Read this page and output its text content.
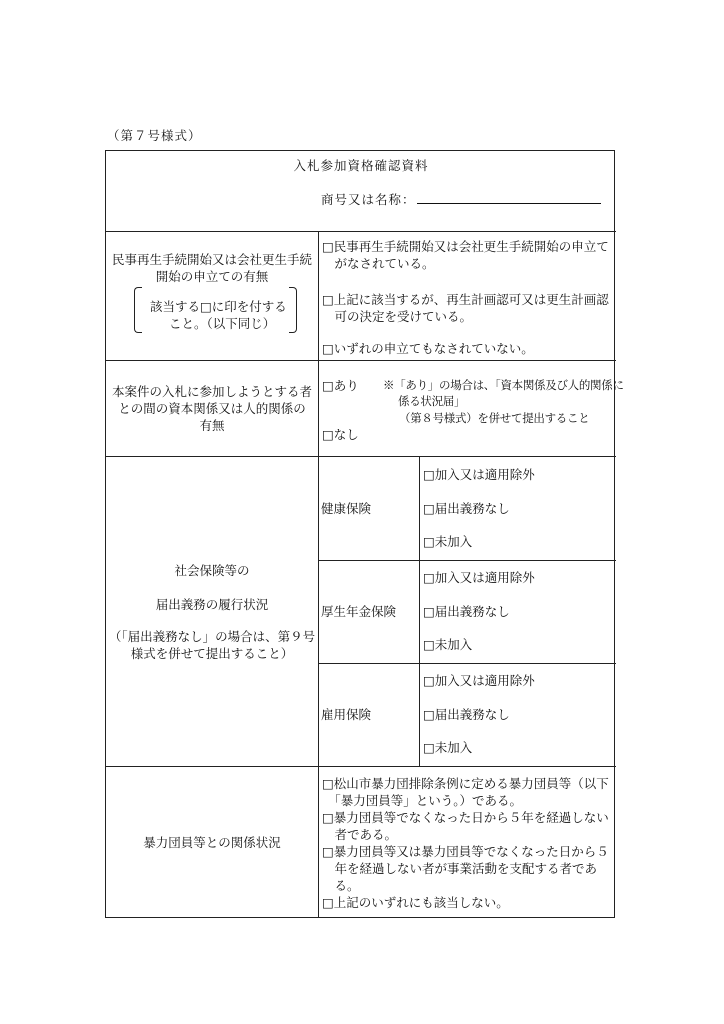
（第７号様式）
入札参加資格確認資料
商号又は名称：
民事再生手続開始又は会社更生手続
開始の申立ての有無
該当する□に印を付する
こと。（以下同じ）
□民事再生手続開始又は会社更生手続開始の申立て
　がなされている。
□上記に該当するが、再生計画認可又は更生計画認
　可の決定を受けている。
□いずれの申立てもなされていない。
本案件の入札に参加しようとする者
との間の資本関係又は人的関係の
有無
□あり ※「あり」の場合は、「資本関係及び人的関係に
係る状況届」
（第８号様式）を併せて提出すること
□なし
社会保険等の
届出義務の履行状況
（「届出義務なし」の場合は、第９号
様式を併せて提出すること）
健康保険
□加入又は適用除外
□届出義務なし
□未加入
厚生年金保険
□加入又は適用除外
□届出義務なし
□未加入
雇用保険
□加入又は適用除外
□届出義務なし
□未加入
暴力団員等との関係状況
□松山市暴力団排除条例に定める暴力団員等（以下
　「暴力団員等」という。）である。
□暴力団員等でなくなった日から５年を経過しない
　者である。
□暴力団員等又は暴力団員等でなくなった日から５
　年を経過しない者が事業活動を支配する者であ
　る。
□上記のいずれにも該当しない。
